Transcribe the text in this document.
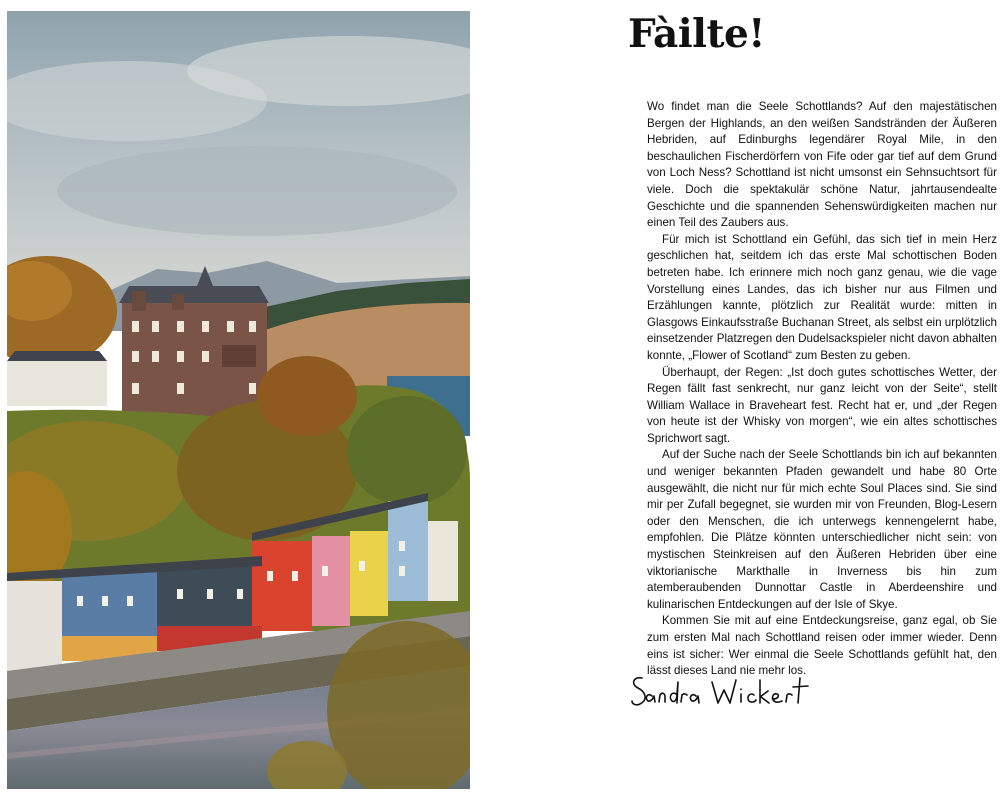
Fàilte!

Wo findet man die Seele Schottlands? Auf den majestätischen Bergen der Highlands, an den weißen Sandstränden der Äußeren Hebriden, auf Edinburghs legendärer Royal Mile, in den beschaulichen Fischerdörfern von Fife oder gar tief auf dem Grund von Loch Ness? Schottland ist nicht umsonst ein Sehnsuchtsort für viele. Doch die spektakulär schöne Natur, jahrtausendealte Geschichte und die spannenden Sehenswürdigkeiten machen nur einen Teil des Zaubers aus.

Für mich ist Schottland ein Gefühl, das sich tief in mein Herz geschlichen hat, seitdem ich das erste Mal schottischen Boden betreten habe. Ich erinnere mich noch ganz genau, wie die vage Vorstellung eines Landes, das ich bisher nur aus Filmen und Erzählungen kannte, plötzlich zur Realität wurde: mitten in Glasgows Einkaufsstraße Buchanan Street, als selbst ein urplötzlich einsetzender Platzregen den Dudelsackspieler nicht davon abhalten konnte, „Flower of Scotland“ zum Besten zu geben.

Überhaupt, der Regen: „Ist doch gutes schottisches Wetter, der Regen fällt fast senkrecht, nur ganz leicht von der Seite“, stellt William Wallace in Braveheart fest. Recht hat er, und „der Regen von heute ist der Whisky von morgen“, wie ein altes schottisches Sprichwort sagt.

Auf der Suche nach der Seele Schottlands bin ich auf bekannten und weniger bekannten Pfaden gewandelt und habe 80 Orte ausgewählt, die nicht nur für mich echte Soul Places sind. Sie sind mir per Zufall begegnet, sie wurden mir von Freunden, Blog-Lesern oder den Menschen, die ich unterwegs kennengelernt habe, empfohlen. Die Plätze könnten unterschiedlicher nicht sein: von mystischen Steinkreisen auf den Äußeren Hebriden über eine viktorianische Markthalle in Inverness bis hin zum atemberaubenden Dunnottar Castle in Aberdeenshire und kulinarischen Entdeckungen auf der Isle of Skye.

Kommen Sie mit auf eine Entdeckungsreise, ganz egal, ob Sie zum ersten Mal nach Schottland reisen oder immer wieder. Denn eins ist sicher: Wer einmal die Seele Schottlands gefühlt hat, den lässt dieses Land nie mehr los.
